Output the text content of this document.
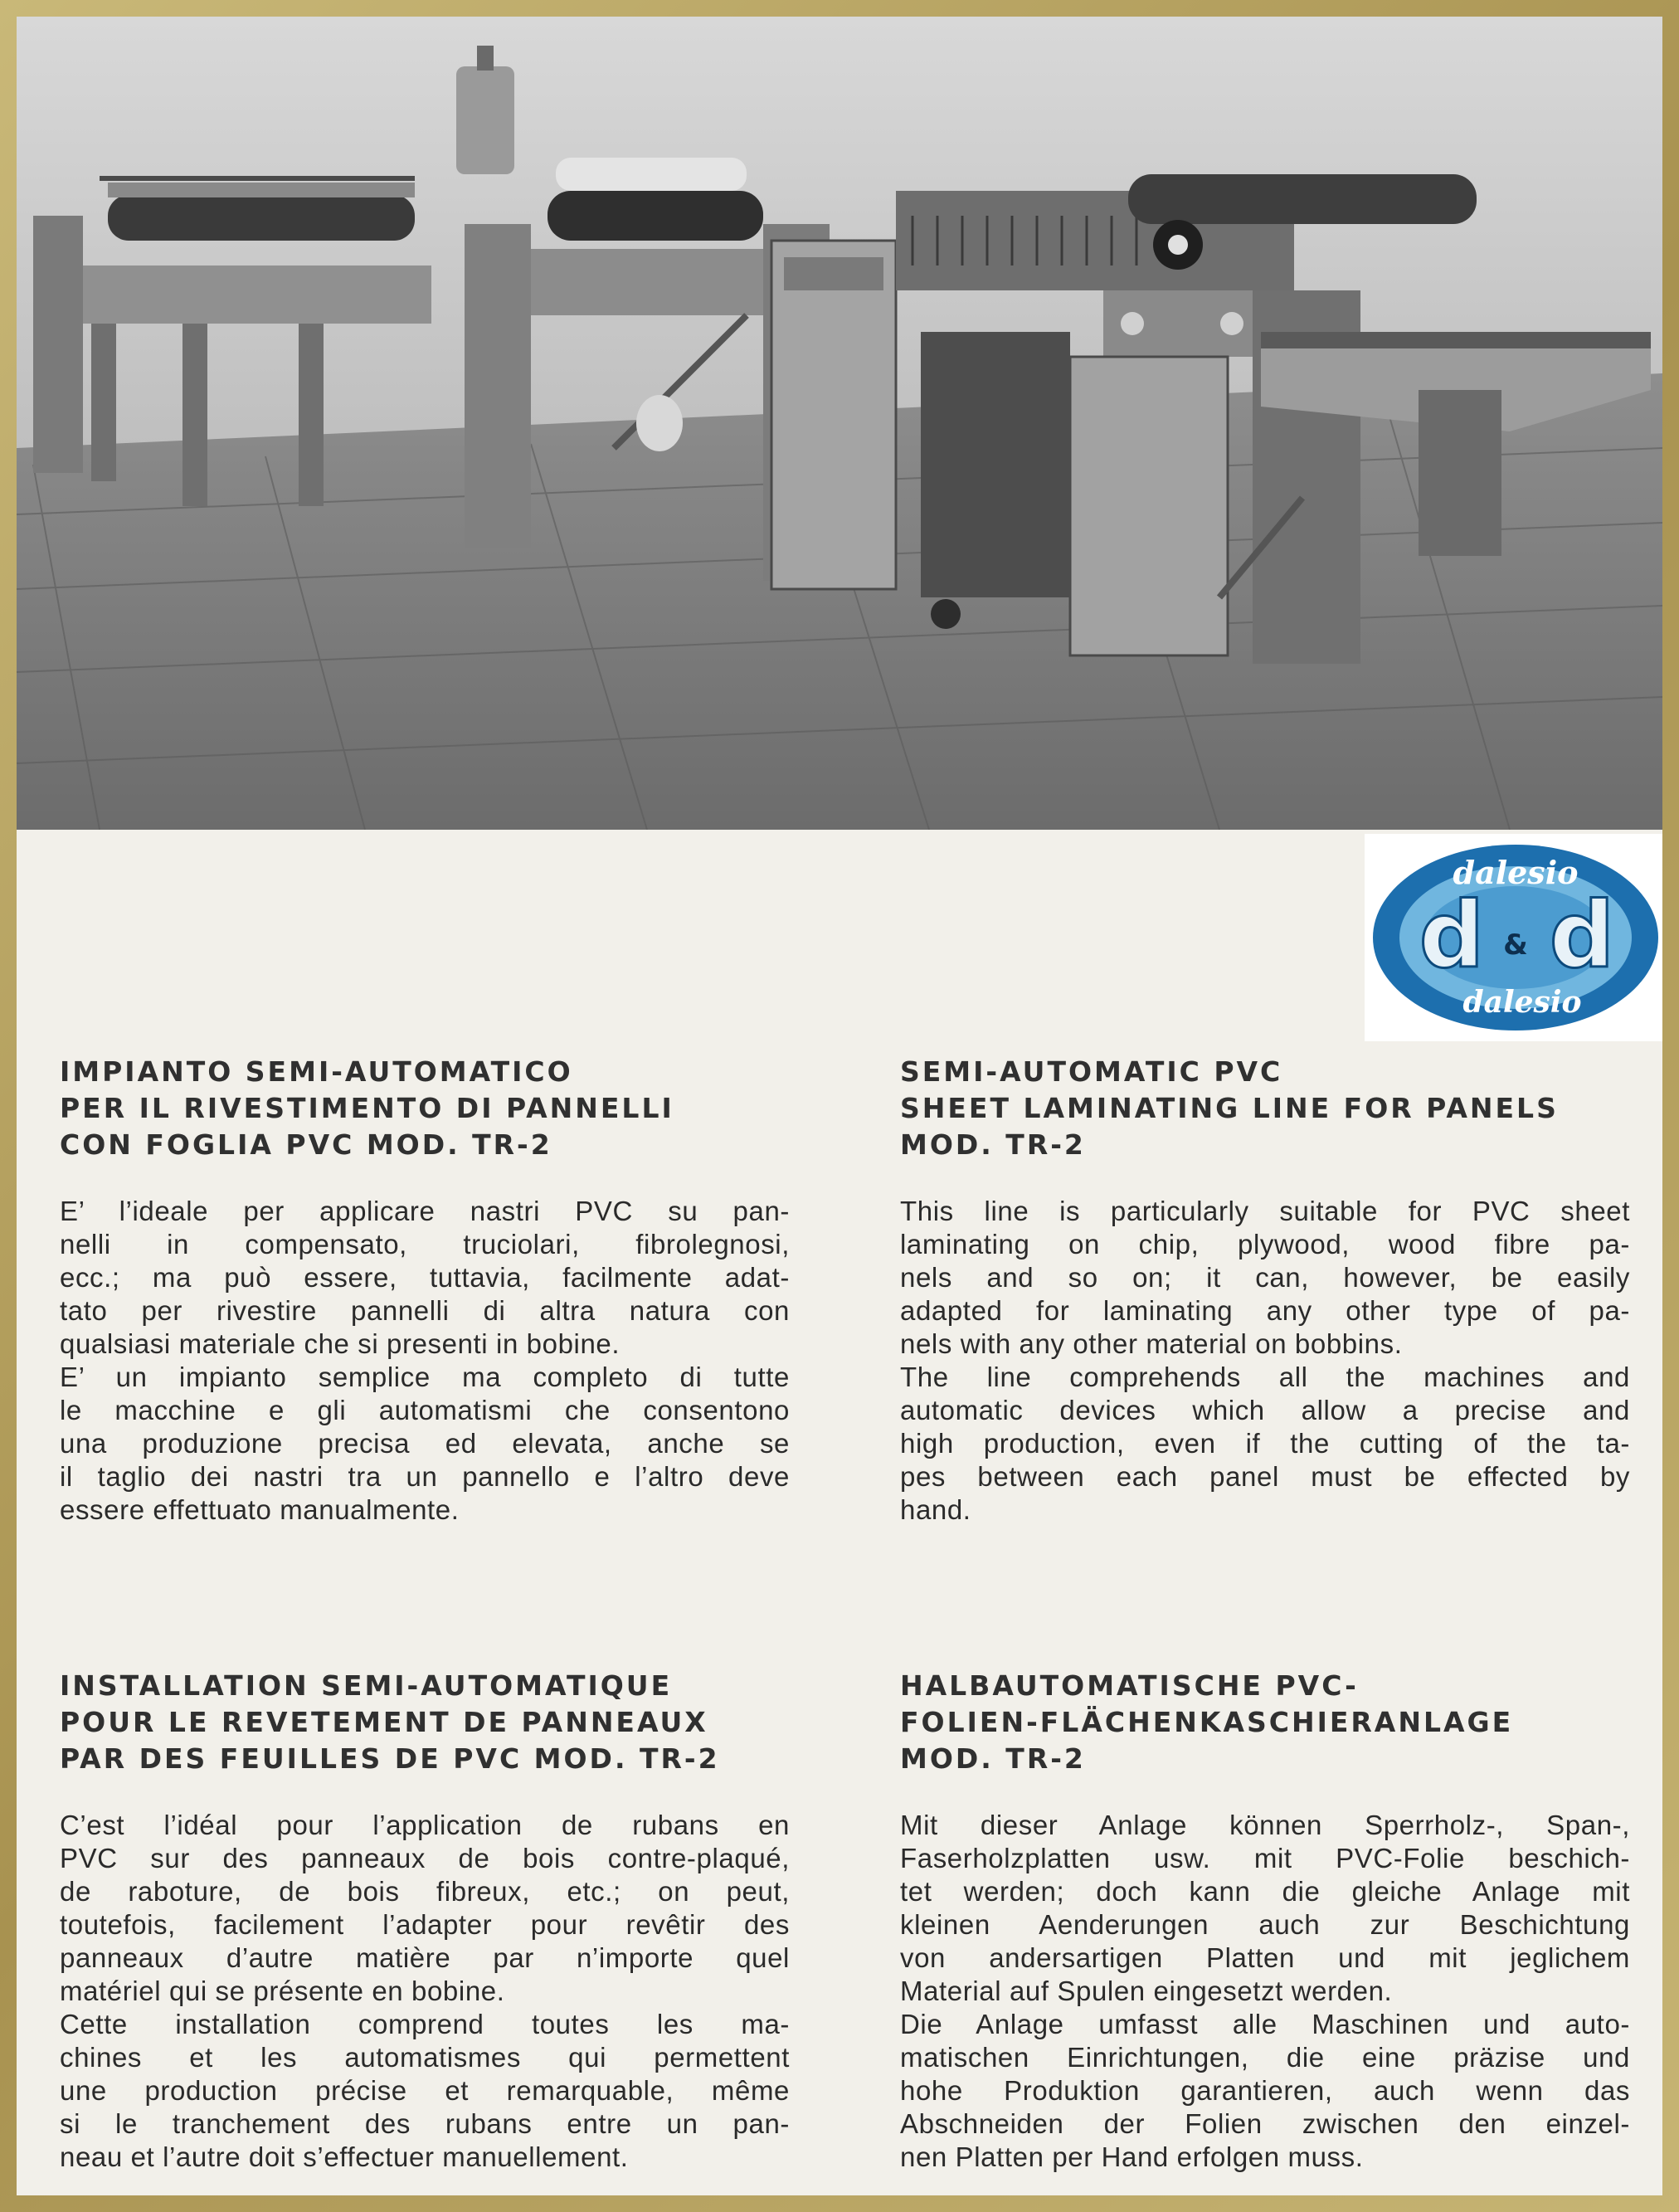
dalesio
d & d
dalesio
IMPIANTO SEMI-AUTOMATICO
PER IL RIVESTIMENTO DI PANNELLI
CON FOGLIA PVC MOD. TR-2

E’ l’ideale per applicare nastri PVC su pan-

nelli in compensato, truciolari, fibrolegnosi,

ecc.; ma può essere, tuttavia, facilmente adat-

tato per rivestire pannelli di altra natura con

qualsiasi materiale che si presenti in bobine.

E’ un impianto semplice ma completo di tutte

le macchine e gli automatismi che consentono

una produzione precisa ed elevata, anche se

il taglio dei nastri tra un pannello e l’altro deve

essere effettuato manualmente.

SEMI-AUTOMATIC PVC
SHEET LAMINATING LINE FOR PANELS
MOD. TR-2

This line is particularly suitable for PVC sheet

laminating on chip, plywood, wood fibre pa-

nels and so on; it can, however, be easily

adapted for laminating any other type of pa-

nels with any other material on bobbins.

The line comprehends all the machines and

automatic devices which allow a precise and

high production, even if the cutting of the ta-

pes between each panel must be effected by

hand.

INSTALLATION SEMI-AUTOMATIQUE
POUR LE REVETEMENT DE PANNEAUX
PAR DES FEUILLES DE PVC MOD. TR-2

C’est l’idéal pour l’application de rubans en

PVC sur des panneaux de bois contre-plaqué,

de raboture, de bois fibreux, etc.; on peut,

toutefois, facilement l’adapter pour revêtir des

panneaux d’autre matière par n’importe quel

matériel qui se présente en bobine.

Cette installation comprend toutes les ma-

chines et les automatismes qui permettent

une production précise et remarquable, même

si le tranchement des rubans entre un pan-

neau et l’autre doit s’effectuer manuellement.

HALBAUTOMATISCHE PVC-
FOLIEN-FLÄCHENKASCHIERANLAGE
MOD. TR-2

Mit dieser Anlage können Sperrholz-, Span-,

Faserholzplatten usw. mit PVC-Folie beschich-

tet werden; doch kann die gleiche Anlage mit

kleinen Aenderungen auch zur Beschichtung

von andersartigen Platten und mit jeglichem

Material auf Spulen eingesetzt werden.

Die Anlage umfasst alle Maschinen und auto-

matischen Einrichtungen, die eine präzise und

hohe Produktion garantieren, auch wenn das

Abschneiden der Folien zwischen den einzel-

nen Platten per Hand erfolgen muss.
